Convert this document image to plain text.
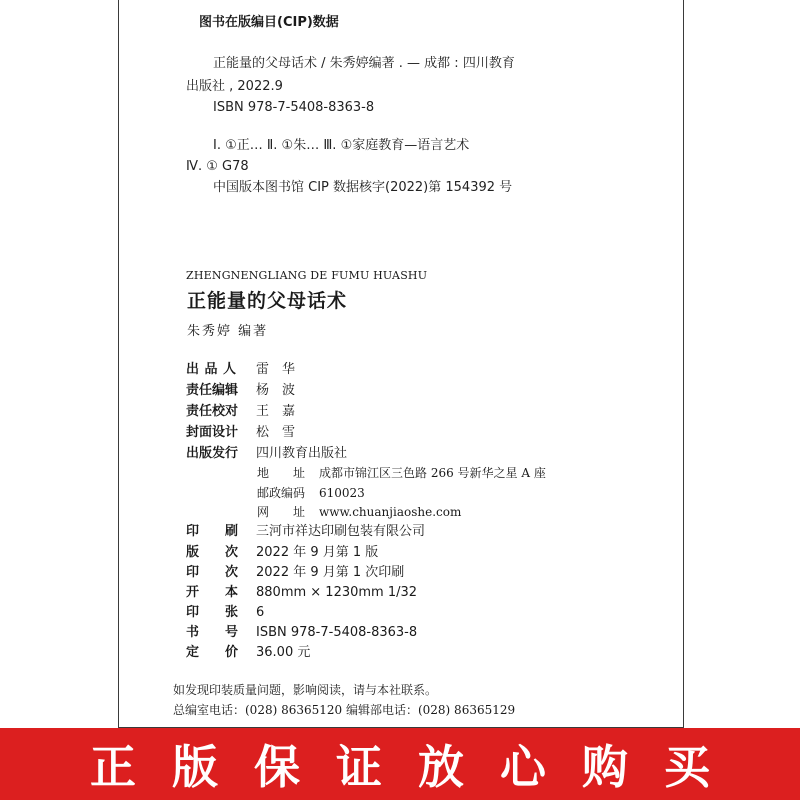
图书在版编目(CIP)数据
正能量的父母话术 / 朱秀婷编著 . — 成都 : 四川教育
出版社 , 2022.9
ISBN 978-7-5408-8363-8
Ⅰ. ①正… Ⅱ. ①朱… Ⅲ. ①家庭教育—语言艺术
Ⅳ. ① G78
中国版本图书馆 CIP 数据核字(2022)第 154392 号
ZHENGNENGLIANG DE FUMU HUASHU
正能量的父母话术
朱秀婷 编著
出 品 人	雷　华
责任编辑	杨　波
责任校对	王　嘉
封面设计	松　雪
出版发行	四川教育出版社
地　　址 成都市锦江区三色路 266 号新华之星 A 座
邮政编码 610023
网　　址 www.chuanjiaoshe.com
印　　刷	三河市祥达印刷包装有限公司
版　　次	2022 年 9 月第 1 版
印　　次	2022 年 9 月第 1 次印刷
开　　本	880mm × 1230mm 1/32
印　　张	6
书　　号	ISBN 978-7-5408-8363-8
定　　价	36.00 元
如发现印装质量问题，影响阅读，请与本社联系。
总编室电话：(028) 86365120 编辑部电话：(028) 86365129
正版保证放心购买
